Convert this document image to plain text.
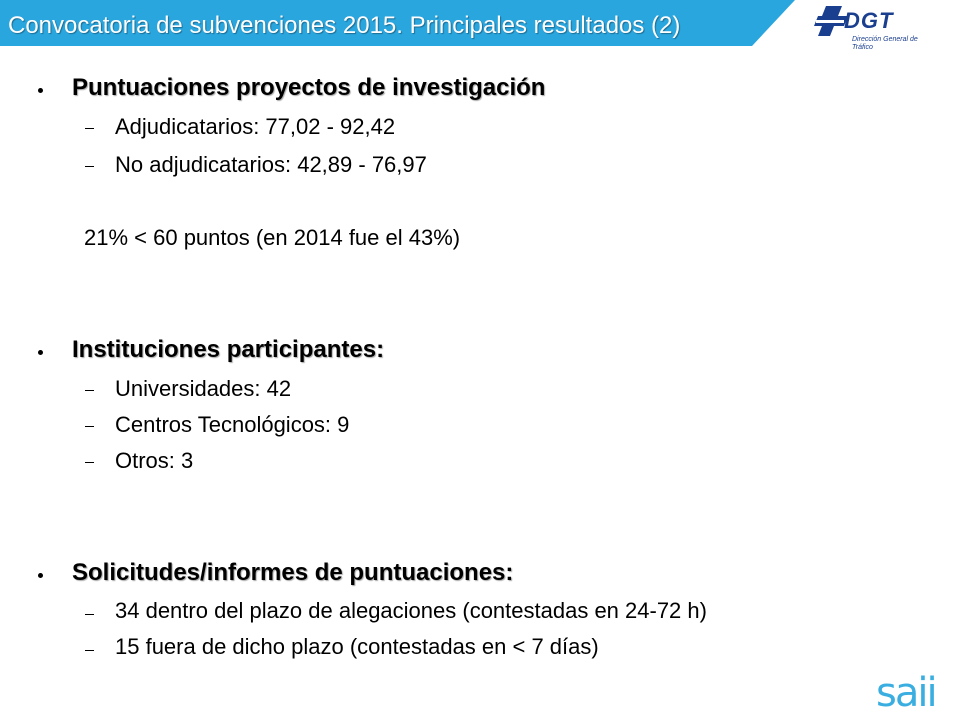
Convocatoria de subvenciones 2015. Principales resultados (2)	DGT
Dirección General de Tráfico
Puntuaciones proyectos de investigación
Adjudicatarios: 77,02 - 92,42
No adjudicatarios: 42,89 - 76,97
21% < 60 puntos (en 2014 fue el 43%)
Instituciones participantes:
Universidades: 42
Centros Tecnológicos: 9
Otros: 3
Solicitudes/informes de puntuaciones:
34 dentro del plazo de alegaciones (contestadas en 24-72 h)
15 fuera de dicho plazo (contestadas en < 7 días)
saii
